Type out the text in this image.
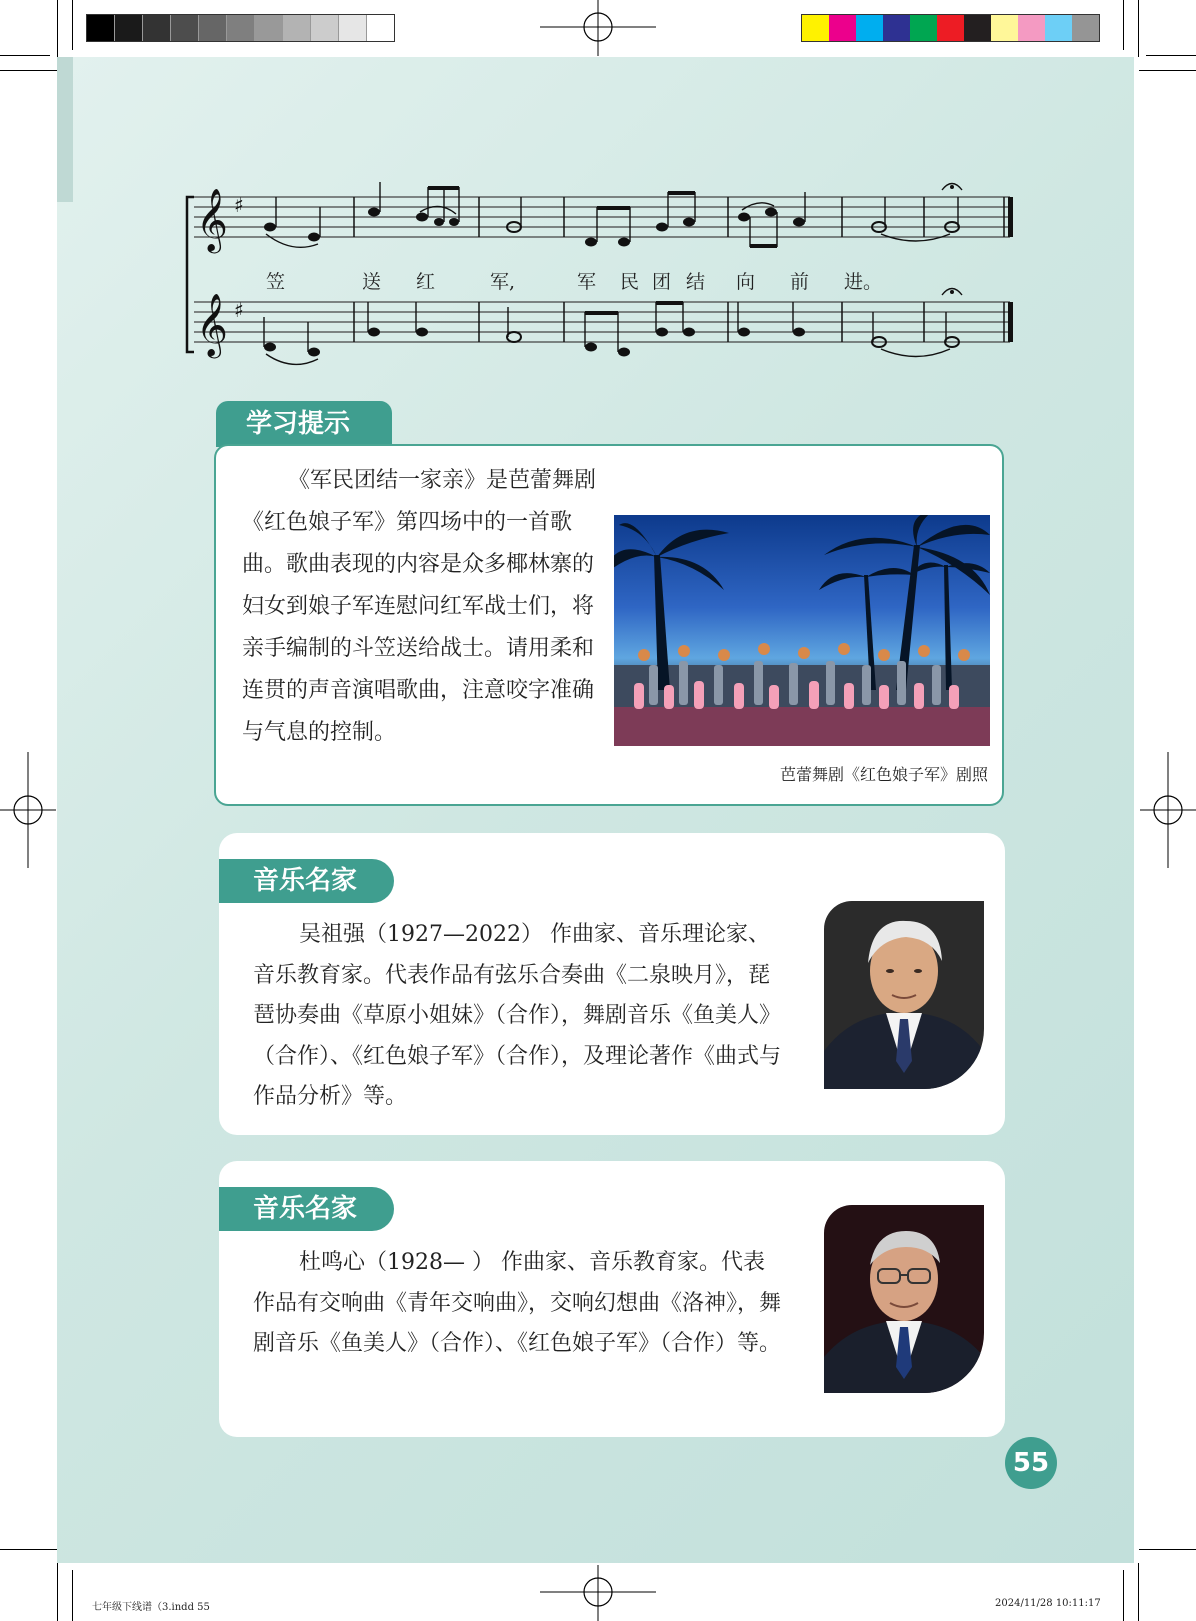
𝄞
𝄞
♯
♯
笠	送 红	军,	军 民 团 结 向 前 进。
学习提示
《军民团结一家亲》是芭蕾舞剧《红色娘子军》第四场中的一首歌曲。歌曲表现的内容是众多椰林寨的妇女到娘子军连慰问红军战士们，将亲手编制的斗笠送给战士。请用柔和连贯的声音演唱歌曲，注意咬字准确与气息的控制。
芭蕾舞剧《红色娘子军》剧照
音乐名家
吴祖强（1927—2022） 作曲家、音乐理论家、音乐教育家。代表作品有弦乐合奏曲《二泉映月》，琵琶协奏曲《草原小姐妹》（合作），舞剧音乐《鱼美人》（合作）、《红色娘子军》（合作），及理论著作《曲式与作品分析》等。
音乐名家
杜鸣心（1928— ） 作曲家、音乐教育家。代表作品有交响曲《青年交响曲》，交响幻想曲《洛神》，舞剧音乐《鱼美人》（合作）、《红色娘子军》（合作）等。
55
七年级下线谱（3.indd 55	2024/11/28 10:11:17
